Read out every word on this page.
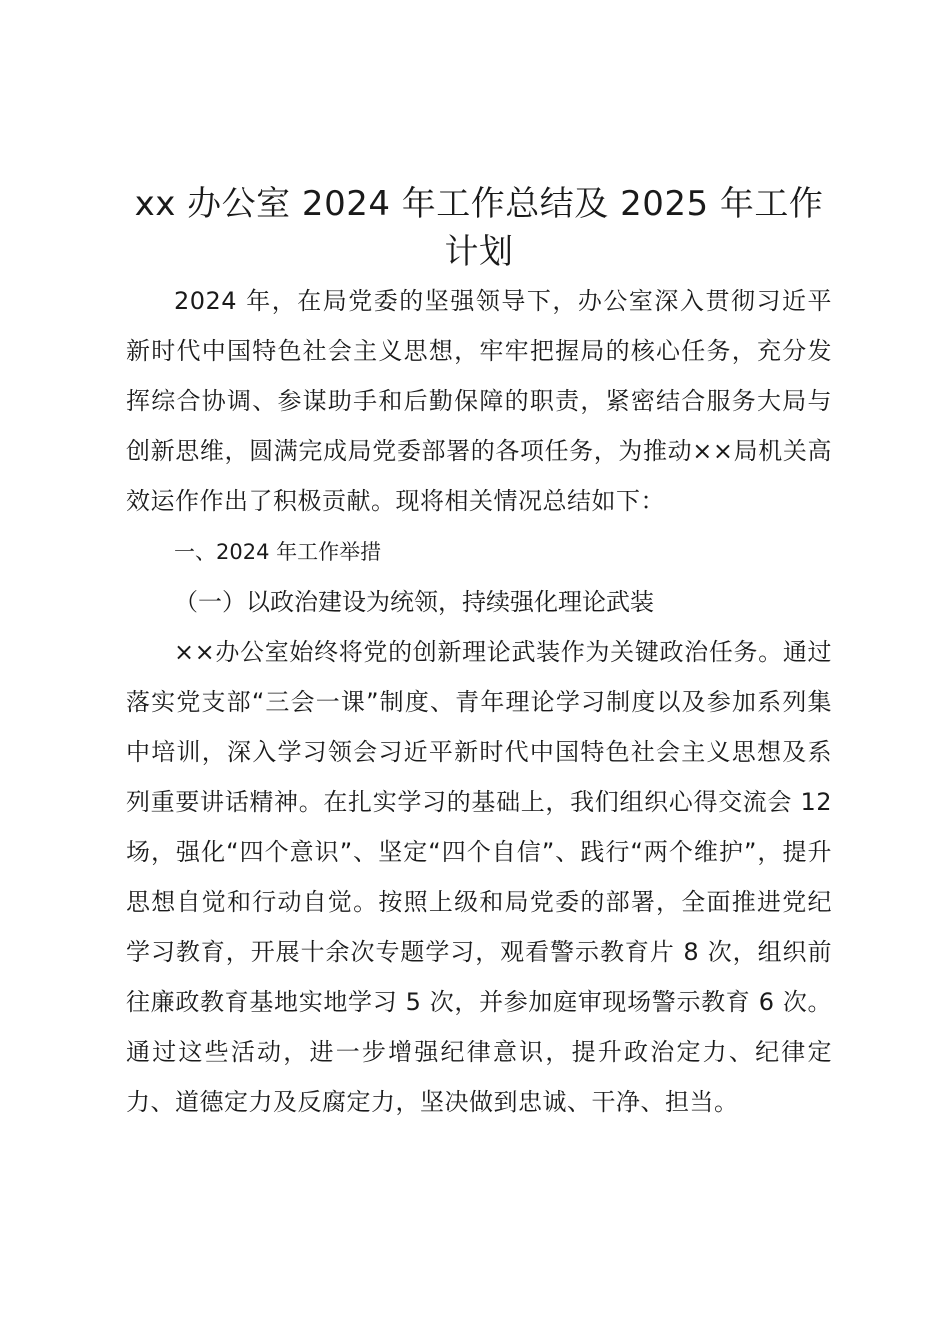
xx 办公室 2024 年工作总结及 2025 年工作计划

2024 年，在局党委的坚强领导下，办公室深入贯彻习近平新时代中国特色社会主义思想，牢牢把握局的核心任务，充分发挥综合协调、参谋助手和后勤保障的职责，紧密结合服务大局与创新思维，圆满完成局党委部署的各项任务，为推动××局机关高效运作作出了积极贡献。现将相关情况总结如下：

一、2024 年工作举措

（一）以政治建设为统领，持续强化理论武装

××办公室始终将党的创新理论武装作为关键政治任务。通过落实党支部“三会一课”制度、青年理论学习制度以及参加系列集中培训，深入学习领会习近平新时代中国特色社会主义思想及系列重要讲话精神。在扎实学习的基础上，我们组织心得交流会 12 场，强化“四个意识”、坚定“四个自信”、践行“两个维护”，提升思想自觉和行动自觉。按照上级和局党委的部署，全面推进党纪学习教育，开展十余次专题学习，观看警示教育片 8 次，组织前往廉政教育基地实地学习 5 次，并参加庭审现场警示教育 6 次。通过这些活动，进一步增强纪律意识，提升政治定力、纪律定力、道德定力及反腐定力，坚决做到忠诚、干净、担当。
